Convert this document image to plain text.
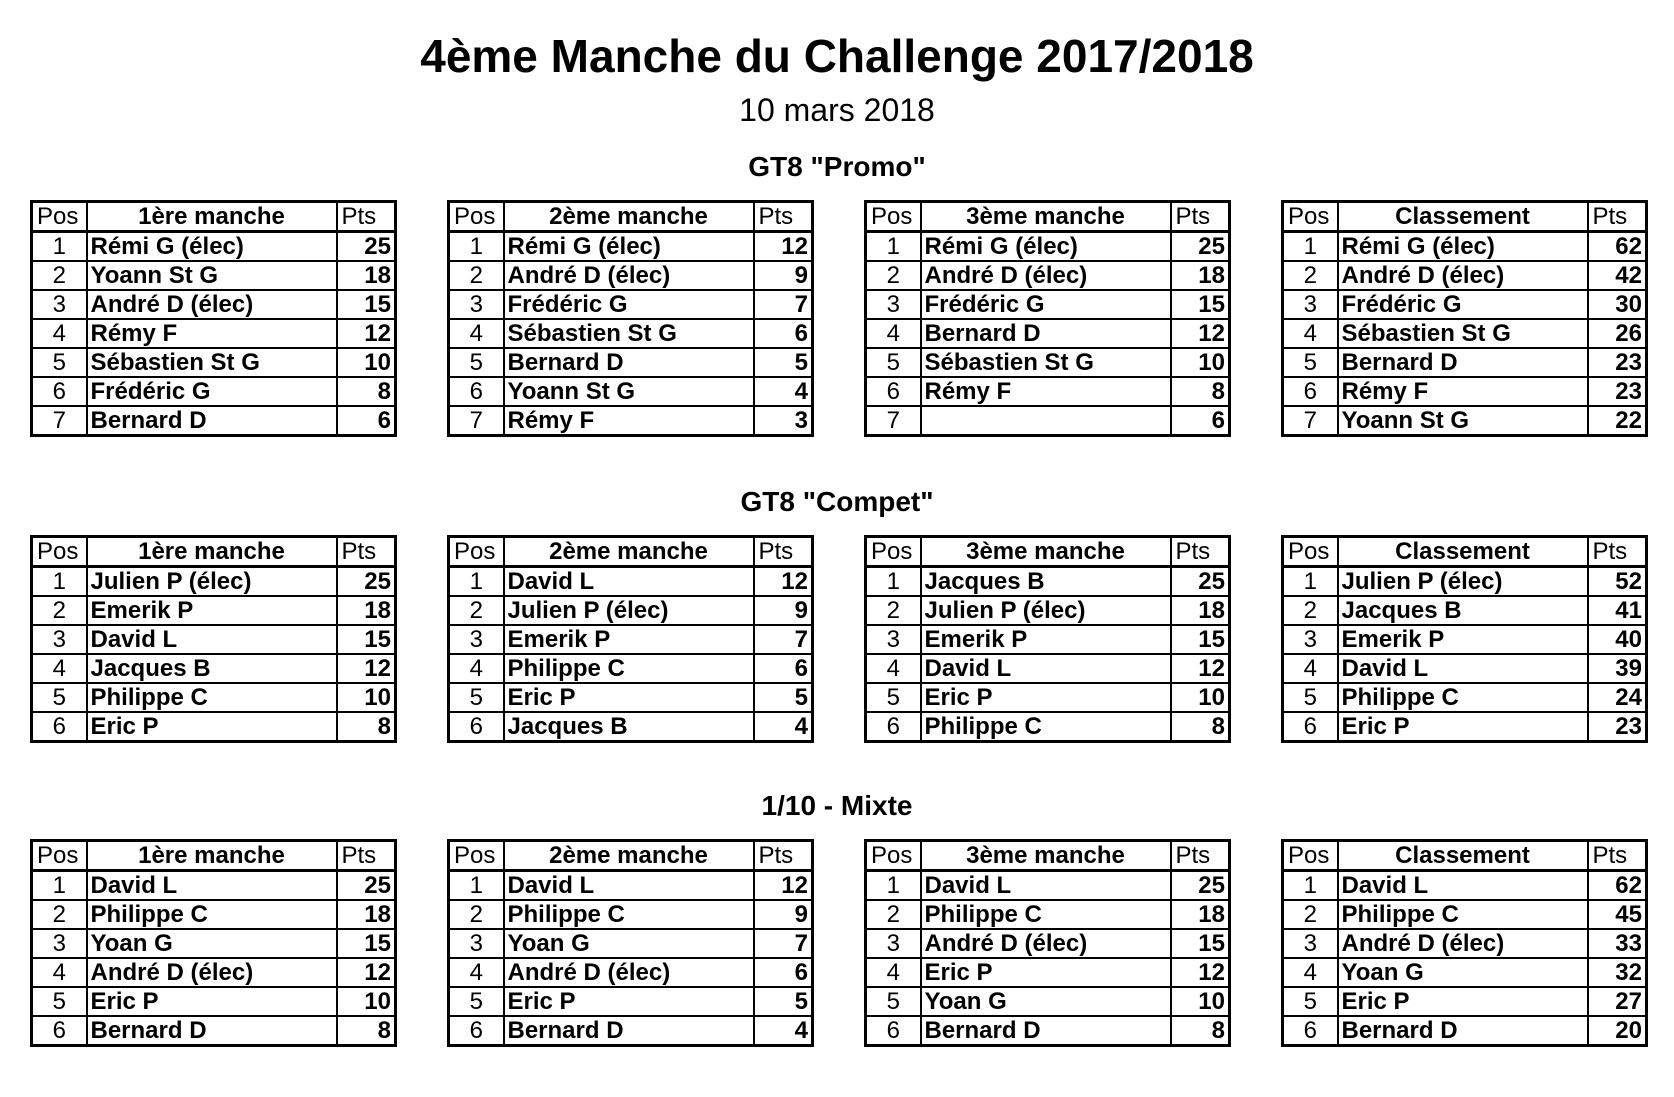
4ème Manche du Challenge 2017/2018
10 mars 2018
GT8 "Promo"
Pos	1ère manche	Pts
1	Rémi G (élec)	25
2	Yoann St G	18
3	André D (élec)	15
4	Rémy F	12
5	Sébastien St G	10
6	Frédéric G	8
7	Bernard D	6
Pos	2ème manche	Pts
1	Rémi G (élec)	12
2	André D (élec)	9
3	Frédéric G	7
4	Sébastien St G	6
5	Bernard D	5
6	Yoann St G	4
7	Rémy F	3
Pos	3ème manche	Pts
1	Rémi G (élec)	25
2	André D (élec)	18
3	Frédéric G	15
4	Bernard D	12
5	Sébastien St G	10
6	Rémy F	8
7		6
Pos	Classement	Pts
1	Rémi G (élec)	62
2	André D (élec)	42
3	Frédéric G	30
4	Sébastien St G	26
5	Bernard D	23
6	Rémy F	23
7	Yoann St G	22
GT8 "Compet"
Pos	1ère manche	Pts
1	Julien P (élec)	25
2	Emerik P	18
3	David L	15
4	Jacques B	12
5	Philippe C	10
6	Eric P	8
Pos	2ème manche	Pts
1	David L	12
2	Julien P (élec)	9
3	Emerik P	7
4	Philippe C	6
5	Eric P	5
6	Jacques B	4
Pos	3ème manche	Pts
1	Jacques B	25
2	Julien P (élec)	18
3	Emerik P	15
4	David L	12
5	Eric P	10
6	Philippe C	8
Pos	Classement	Pts
1	Julien P (élec)	52
2	Jacques B	41
3	Emerik P	40
4	David L	39
5	Philippe C	24
6	Eric P	23
1/10 - Mixte
Pos	1ère manche	Pts
1	David L	25
2	Philippe C	18
3	Yoan G	15
4	André D (élec)	12
5	Eric P	10
6	Bernard D	8
Pos	2ème manche	Pts
1	David L	12
2	Philippe C	9
3	Yoan G	7
4	André D (élec)	6
5	Eric P	5
6	Bernard D	4
Pos	3ème manche	Pts
1	David L	25
2	Philippe C	18
3	André D (élec)	15
4	Eric P	12
5	Yoan G	10
6	Bernard D	8
Pos	Classement	Pts
1	David L	62
2	Philippe C	45
3	André D (élec)	33
4	Yoan G	32
5	Eric P	27
6	Bernard D	20
